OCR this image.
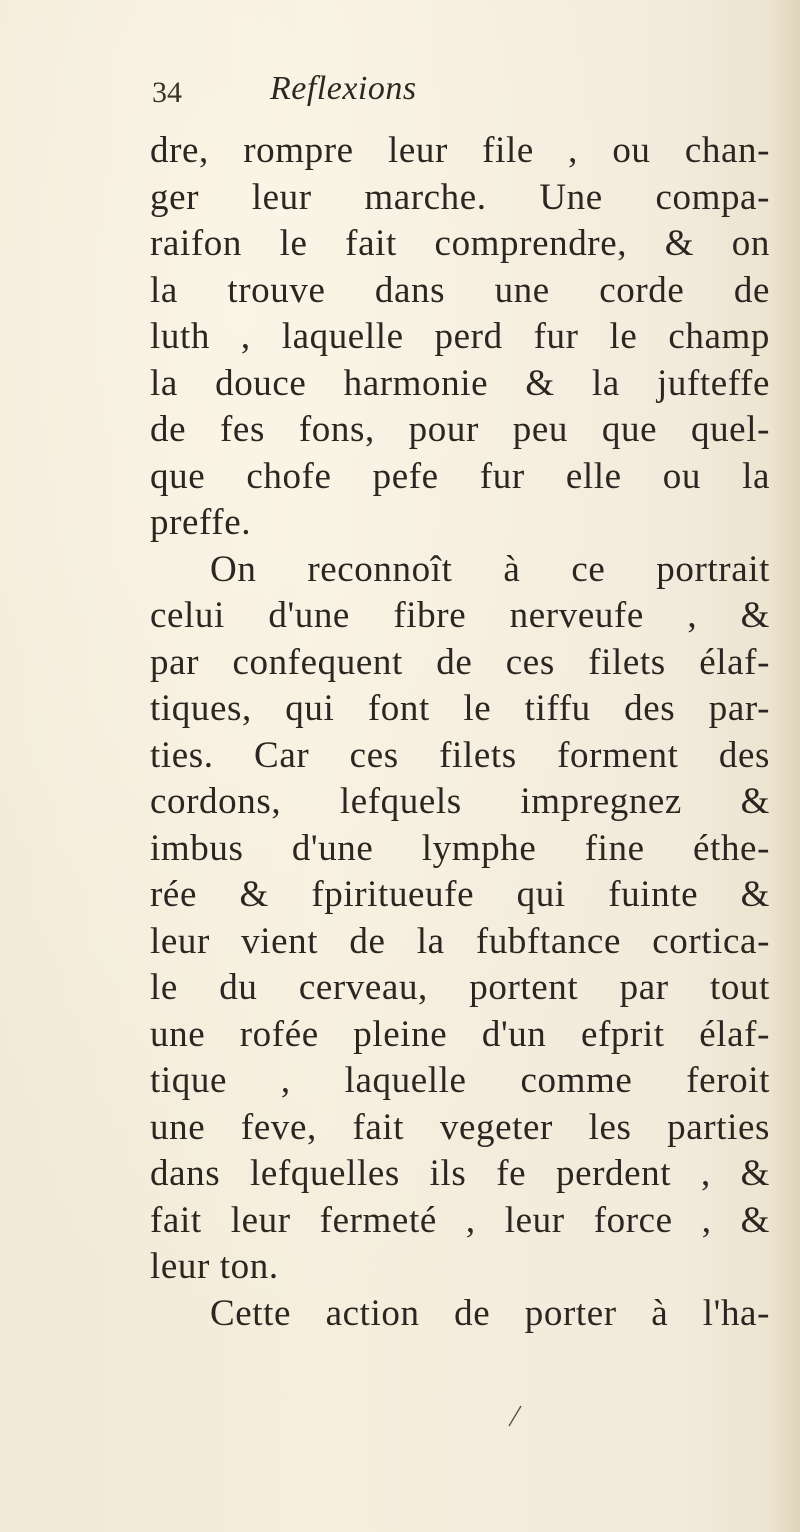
34	Reflexions
dre, rompre leur file , ou chan-
ger leur marche. Une compa-
raifon le fait comprendre, & on
la trouve dans une corde de
luth , laquelle perd fur le champ
la douce harmonie & la jufteffe
de fes fons, pour peu que quel-
que chofe pefe fur elle ou la
preffe.
On reconnoît à ce portrait
celui d'une fibre nerveufe , &
par confequent de ces filets élaf-
tiques, qui font le tiffu des par-
ties. Car ces filets forment des
cordons, lefquels impregnez &
imbus d'une lymphe fine éthe-
rée & fpiritueufe qui fuinte &
leur vient de la fubftance cortica-
le du cerveau, portent par tout
une rofée pleine d'un efprit élaf-
tique , laquelle comme feroit
une feve, fait vegeter les parties
dans lefquelles ils fe perdent , &
fait leur fermeté , leur force , &
leur ton.
Cette action de porter à l'ha-
